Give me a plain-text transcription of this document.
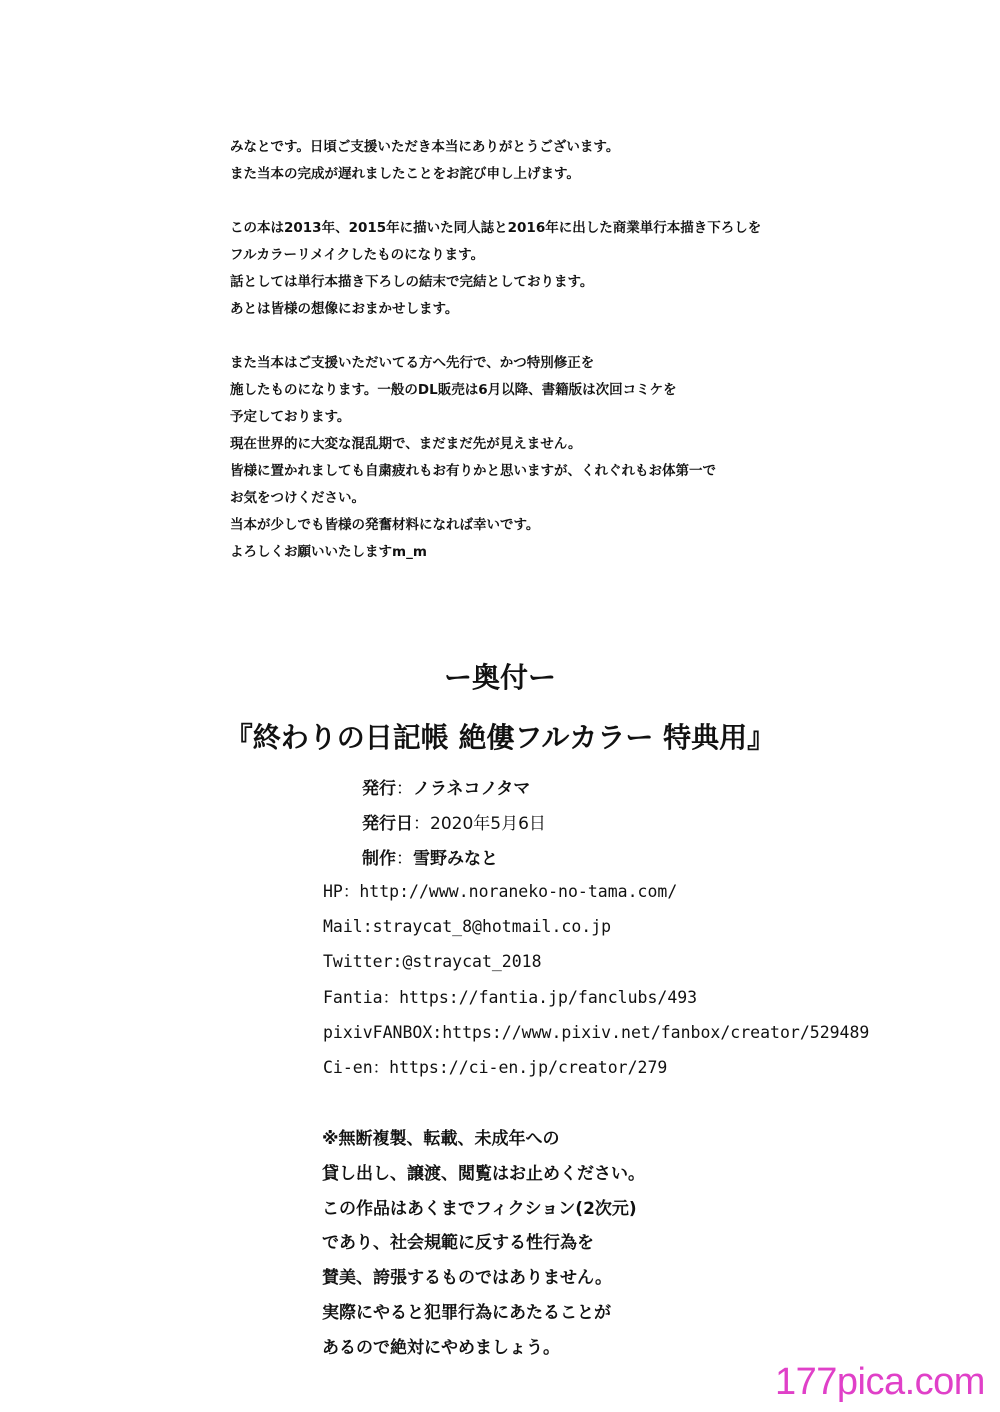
みなとです。日頃ご支援いただき本当にありがとうございます。
また当本の完成が遅れましたことをお詫び申し上げます。
この本は2013年、2015年に描いた同人誌と2016年に出した商業単行本描き下ろしを
フルカラーリメイクしたものになります。
話としては単行本描き下ろしの結末で完結としております。
あとは皆様の想像におまかせします。
また当本はご支援いただいてる方へ先行で、かつ特別修正を
施したものになります。一般のDL販売は6月以降、書籍版は次回コミケを
予定しております。
現在世界的に大変な混乱期で、まだまだ先が見えません。
皆様に置かれましても自粛疲れもお有りかと思いますが、くれぐれもお体第一で
お気をつけください。
当本が少しでも皆様の発奮材料になれば幸いです。
よろしくお願いいたしますm_m
ー奥付ー
『終わりの日記帳 絶僂フルカラー 特典用』
発行：ノラネコノタマ
発行日：2020年5月6日
制作：雪野みなと
HP：http://www.noraneko-no-tama.com/
Mail:straycat_8@hotmail.co.jp
Twitter:@straycat_2018
Fantia：https://fantia.jp/fanclubs/493
pixivFANBOX:https://www.pixiv.net/fanbox/creator/529489
Ci-en：https://ci-en.jp/creator/279
※無断複製、転載、未成年への
貸し出し、譲渡、閲覧はお止めください。
この作品はあくまでフィクション(2次元)
であり、社会規範に反する性行為を
賛美、誇張するものではありません。
実際にやると犯罪行為にあたることが
あるので絶対にやめましょう。
177pica.com
